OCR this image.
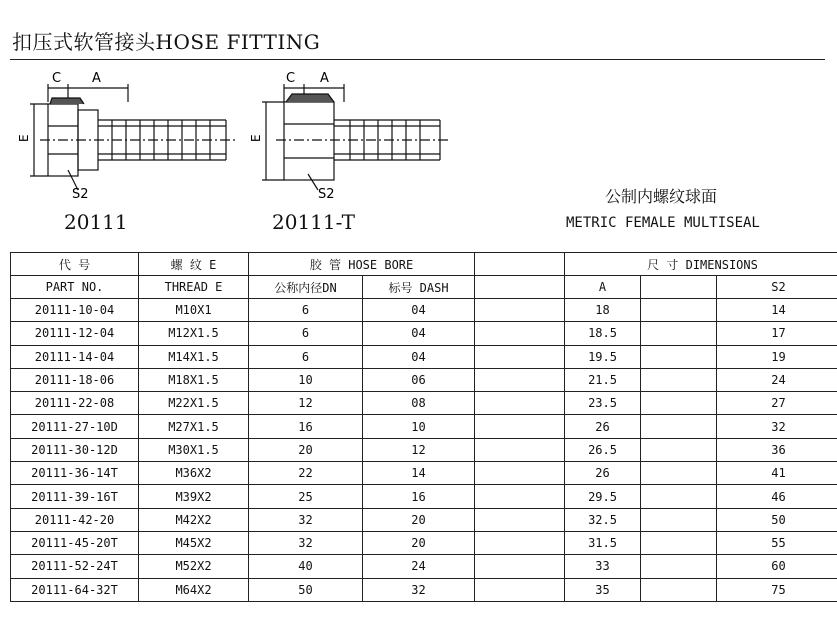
扣压式软管接头HOSE FITTING
C A
E
S2
C A
E
S2
20111	20111-T
公制内螺纹球面
METRIC FEMALE MULTISEAL
代 号	螺 纹 E	胶 管 HOSE BORE			尺 寸 DIMENSIONS			
PART NO.	THREAD E	公称内径DN	标号 DASH		A		S2	
20111-10-04	M10X1	6	04		18		14	
20111-12-04	M12X1.5	6	04		18.5		17	
20111-14-04	M14X1.5	6	04		19.5		19	
20111-18-06	M18X1.5	10	06		21.5		24	
20111-22-08	M22X1.5	12	08		23.5		27	
20111-27-10D	M27X1.5	16	10		26		32	
20111-30-12D	M30X1.5	20	12		26.5		36	
20111-36-14T	M36X2	22	14		26		41	
20111-39-16T	M39X2	25	16		29.5		46	
20111-42-20	M42X2	32	20		32.5		50	
20111-45-20T	M45X2	32	20		31.5		55	
20111-52-24T	M52X2	40	24		33		60	
20111-64-32T	M64X2	50	32		35		75	
